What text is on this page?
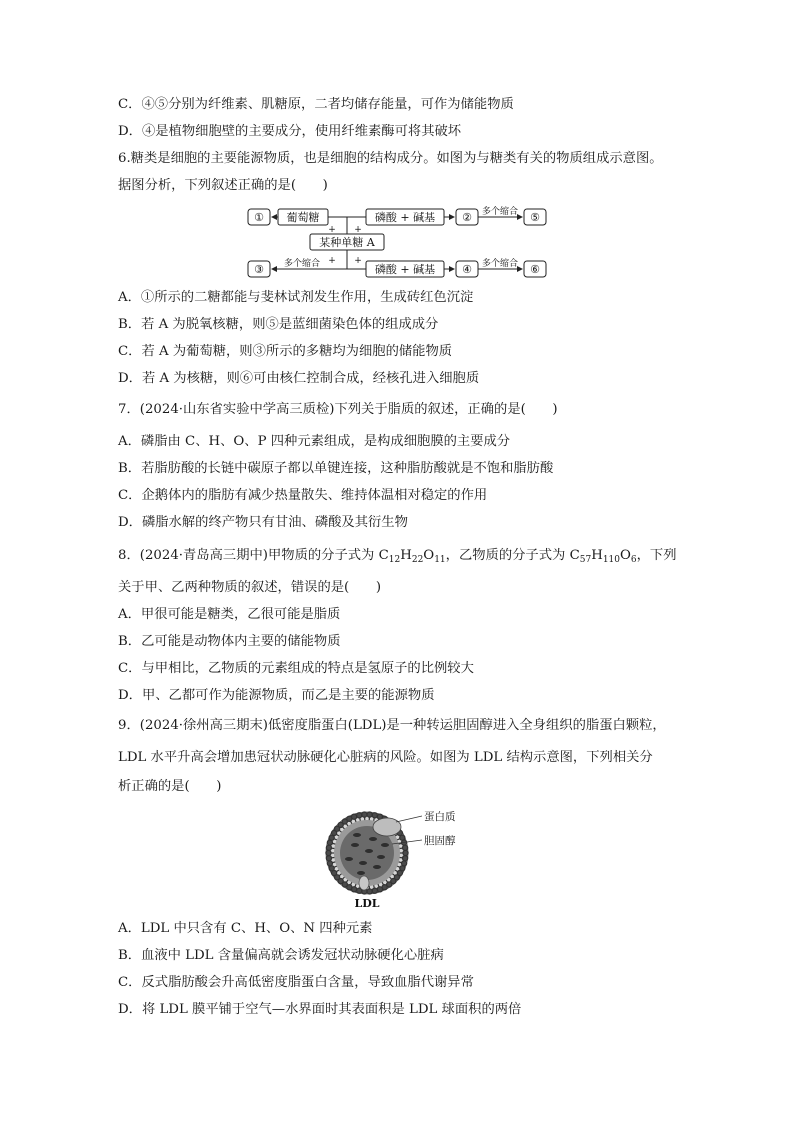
C．④⑤分别为纤维素、肌糖原，二者均储存能量，可作为储能物质
D．④是植物细胞壁的主要成分，使用纤维素酶可将其破坏
6.糖类是细胞的主要能源物质，也是细胞的结构成分。如图为与糖类有关的物质组成示意图。
据图分析，下列叙述正确的是(　　)
① 葡萄糖	磷酸 + 碱基 ②	⑤
某种单糖 A
③	磷酸 + 碱基 ④	⑥
多个缩合
多个缩合	多个缩合
+ +
+ +
A．①所示的二糖都能与斐林试剂发生作用，生成砖红色沉淀
B．若 A 为脱氧核糖，则⑤是蓝细菌染色体的组成成分
C．若 A 为葡萄糖，则③所示的多糖均为细胞的储能物质
D．若 A 为核糖，则⑥可由核仁控制合成，经核孔进入细胞质
7．(2024·山东省实验中学高三质检)下列关于脂质的叙述，正确的是(　　)
A．磷脂由 C、H、O、P 四种元素组成，是构成细胞膜的主要成分
B．若脂肪酸的长链中碳原子都以单键连接，这种脂肪酸就是不饱和脂肪酸
C．企鹅体内的脂肪有减少热量散失、维持体温相对稳定的作用
D．磷脂水解的终产物只有甘油、磷酸及其衍生物
8．(2024·青岛高三期中)甲物质的分子式为 $C_{12}H_{22}O_{11}$，乙物质的分子式为 $C_{57}H_{110}O_6$，下列
关于甲、乙两种物质的叙述，错误的是(　　)
A．甲很可能是糖类，乙很可能是脂质
B．乙可能是动物体内主要的储能物质
C．与甲相比，乙物质的元素组成的特点是氢原子的比例较大
D．甲、乙都可作为能源物质，而乙是主要的能源物质
9．(2024·徐州高三期末)低密度脂蛋白(LDL)是一种转运胆固醇进入全身组织的脂蛋白颗粒，
LDL 水平升高会增加患冠状动脉硬化心脏病的风险。如图为 LDL 结构示意图，下列相关分
析正确的是(　　)
蛋白质
胆固醇
LDL
A．LDL 中只含有 C、H、O、N 四种元素
B．血液中 LDL 含量偏高就会诱发冠状动脉硬化心脏病
C．反式脂肪酸会升高低密度脂蛋白含量，导致血脂代谢异常
D．将 LDL 膜平铺于空气—水界面时其表面积是 LDL 球面积的两倍
